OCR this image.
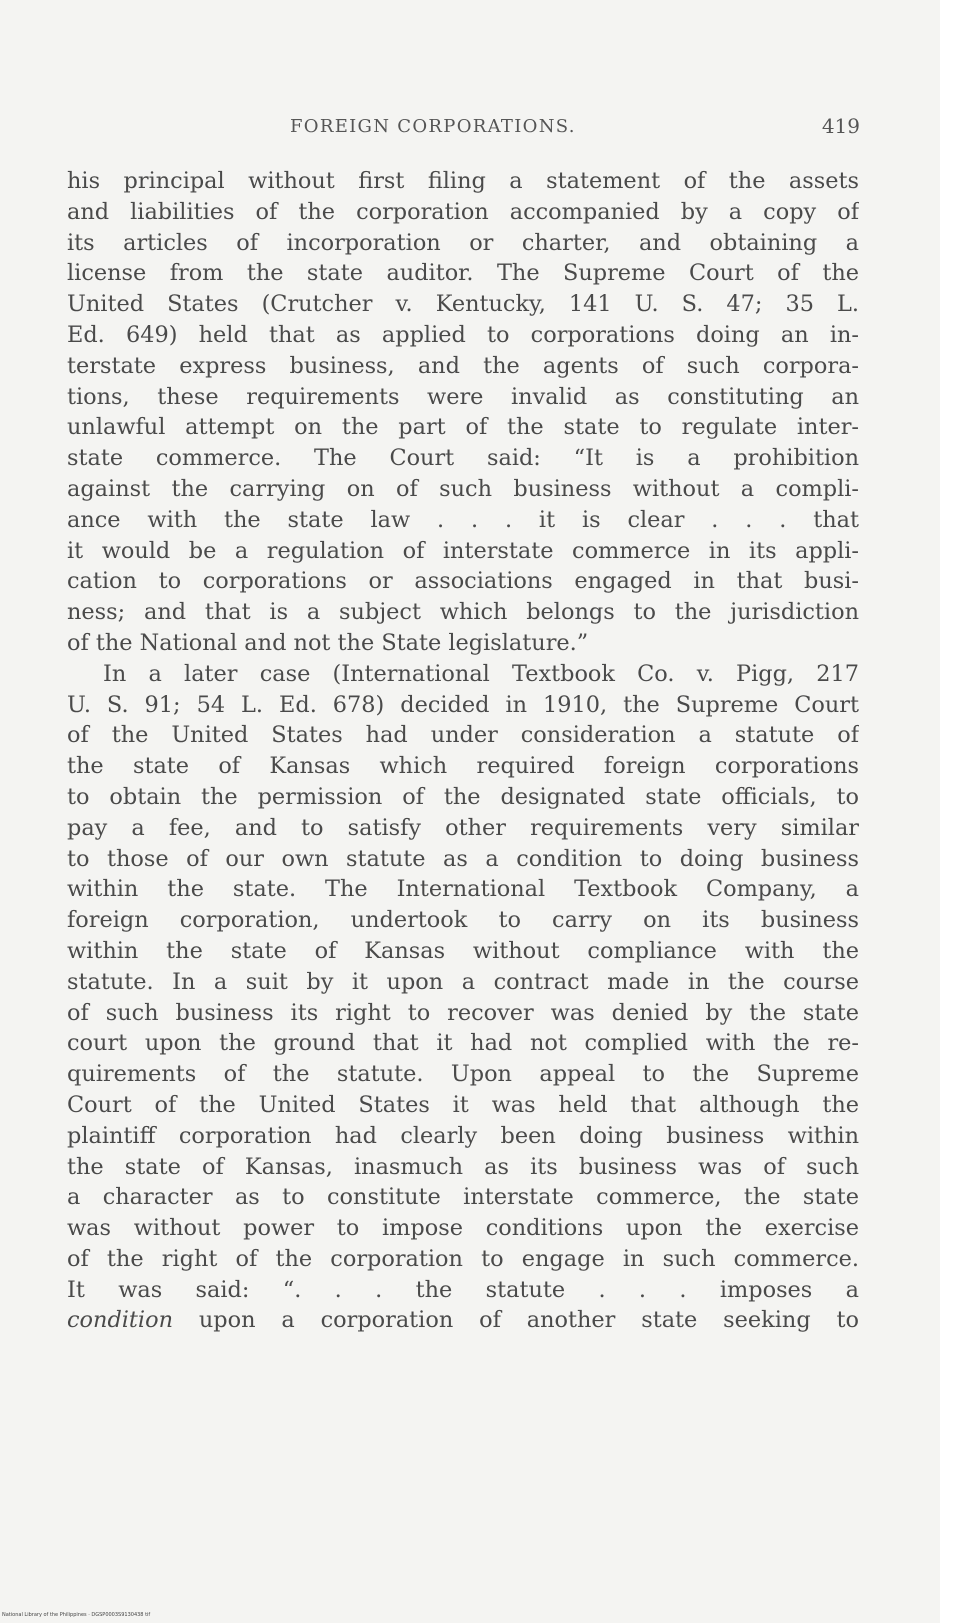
FOREIGN CORPORATIONS.	419
his principal without first filing a statement of the assets
and liabilities of the corporation accompanied by a copy of
its articles of incorporation or charter, and obtaining a
license from the state auditor. The Supreme Court of the
United States (Crutcher v. Kentucky, 141 U. S. 47; 35 L.
Ed. 649) held that as applied to corporations doing an in-
terstate express business, and the agents of such corpora-
tions, these requirements were invalid as constituting an
unlawful attempt on the part of the state to regulate inter-
state commerce. The Court said: “It is a prohibition
against the carrying on of such business without a compli-
ance with the state law . . . it is clear . . . that
it would be a regulation of interstate commerce in its appli-
cation to corporations or associations engaged in that busi-
ness; and that is a subject which belongs to the jurisdiction
of the National and not the State legislature.”
In a later case (International Textbook Co. v. Pigg, 217
U. S. 91; 54 L. Ed. 678) decided in 1910, the Supreme Court
of the United States had under consideration a statute of
the state of Kansas which required foreign corporations
to obtain the permission of the designated state officials, to
pay a fee, and to satisfy other requirements very similar
to those of our own statute as a condition to doing business
within the state. The International Textbook Company, a
foreign corporation, undertook to carry on its business
within the state of Kansas without compliance with the
statute. In a suit by it upon a contract made in the course
of such business its right to recover was denied by the state
court upon the ground that it had not complied with the re-
quirements of the statute. Upon appeal to the Supreme
Court of the United States it was held that although the
plaintiff corporation had clearly been doing business within
the state of Kansas, inasmuch as its business was of such
a character as to constitute interstate commerce, the state
was without power to impose conditions upon the exercise
of the right of the corporation to engage in such commerce.
It was said: “. . . the statute . . . imposes a
condition upon a corporation of another state seeking to
National Library of the Philippines · DGSP0003S9130438 tif
